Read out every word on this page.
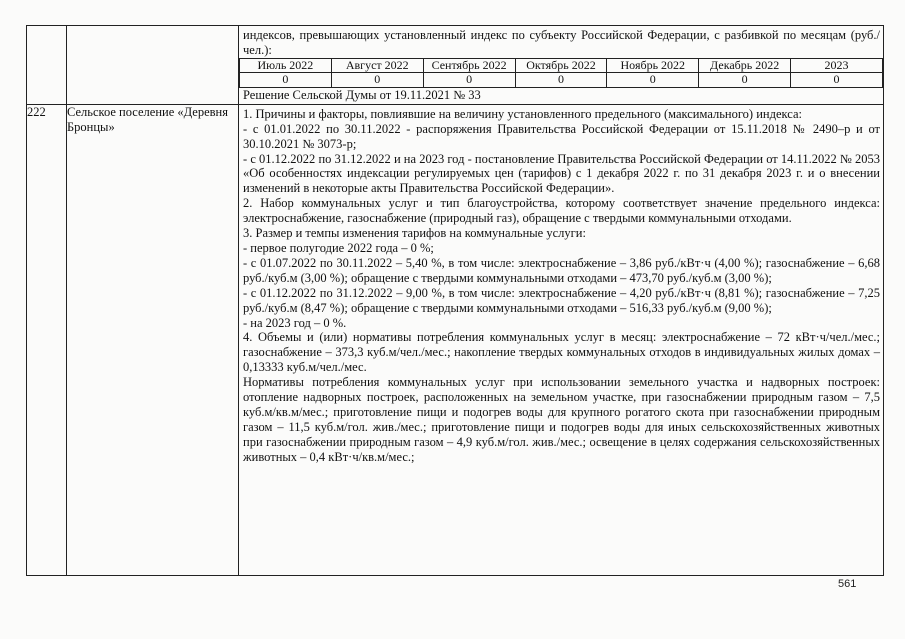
индексов, превышающих установленный индекс по субъекту Российской Федерации, с разбивкой по месяцам (руб./чел.):

Июль 2022	Август 2022	Сентябрь 2022	Октябрь 2022	Ноябрь 2022	Декабрь 2022	2023
0	0	0	0	0	0	0

Решение Сельской Думы от 19.11.2021 № 33

222	Сельское поселение «Деревня Бронцы»	

1. Причины и факторы, повлиявшие на величину установленного предельного (максимального) индекса:

- с 01.01.2022 по 30.11.2022 - распоряжения Правительства Российской Федерации от 15.11.2018 № 2490–р и от 30.10.2021 № 3073-р;

- с 01.12.2022 по 31.12.2022 и на 2023 год - постановление Правительства Российской Федерации от 14.11.2022 № 2053 «Об особенностях индексации регулируемых цен (тарифов) с 1 декабря 2022 г. по 31 декабря 2023 г. и о внесении изменений в некоторые акты Правительства Российской Федерации».

2. Набор коммунальных услуг и тип благоустройства, которому соответствует значение предельного индекса: электроснабжение, газоснабжение (природный газ), обращение с твердыми коммунальными отходами.

3. Размер и темпы изменения тарифов на коммунальные услуги:

- первое полугодие 2022 года – 0 %;

- с 01.07.2022 по 30.11.2022 – 5,40 %, в том числе: электроснабжение – 3,86 руб./кВт·ч (4,00 %); газоснабжение – 6,68 руб./куб.м (3,00 %); обращение с твердыми коммунальными отходами – 473,70 руб./куб.м (3,00 %);

- с 01.12.2022 по 31.12.2022 – 9,00 %, в том числе: электроснабжение – 4,20 руб./кВт·ч (8,81 %); газоснабжение – 7,25 руб./куб.м (8,47 %); обращение с твердыми коммунальными отходами – 516,33 руб./куб.м (9,00 %);

- на 2023 год – 0 %.

4. Объемы и (или) нормативы потребления коммунальных услуг в месяц: электроснабжение – 72 кВт·ч/чел./мес.; газоснабжение – 373,3 куб.м/чел./мес.; накопление твердых коммунальных отходов в индивидуальных жилых домах – 0,13333 куб.м/чел./мес.

Нормативы потребления коммунальных услуг при использовании земельного участка и надворных построек: отопление надворных построек, расположенных на земельном участке, при газоснабжении природным газом – 7,5 куб.м/кв.м/мес.; приготовление пищи и подогрев воды для крупного рогатого скота при газоснабжении природным газом – 11,5 куб.м/гол. жив./мес.; приготовление пищи и подогрев воды для иных сельскохозяйственных животных при газоснабжении природным газом – 4,9 куб.м/гол. жив./мес.; освещение в целях содержания сельскохозяйственных животных – 0,4 кВт·ч/кв.м/мес.;

561
